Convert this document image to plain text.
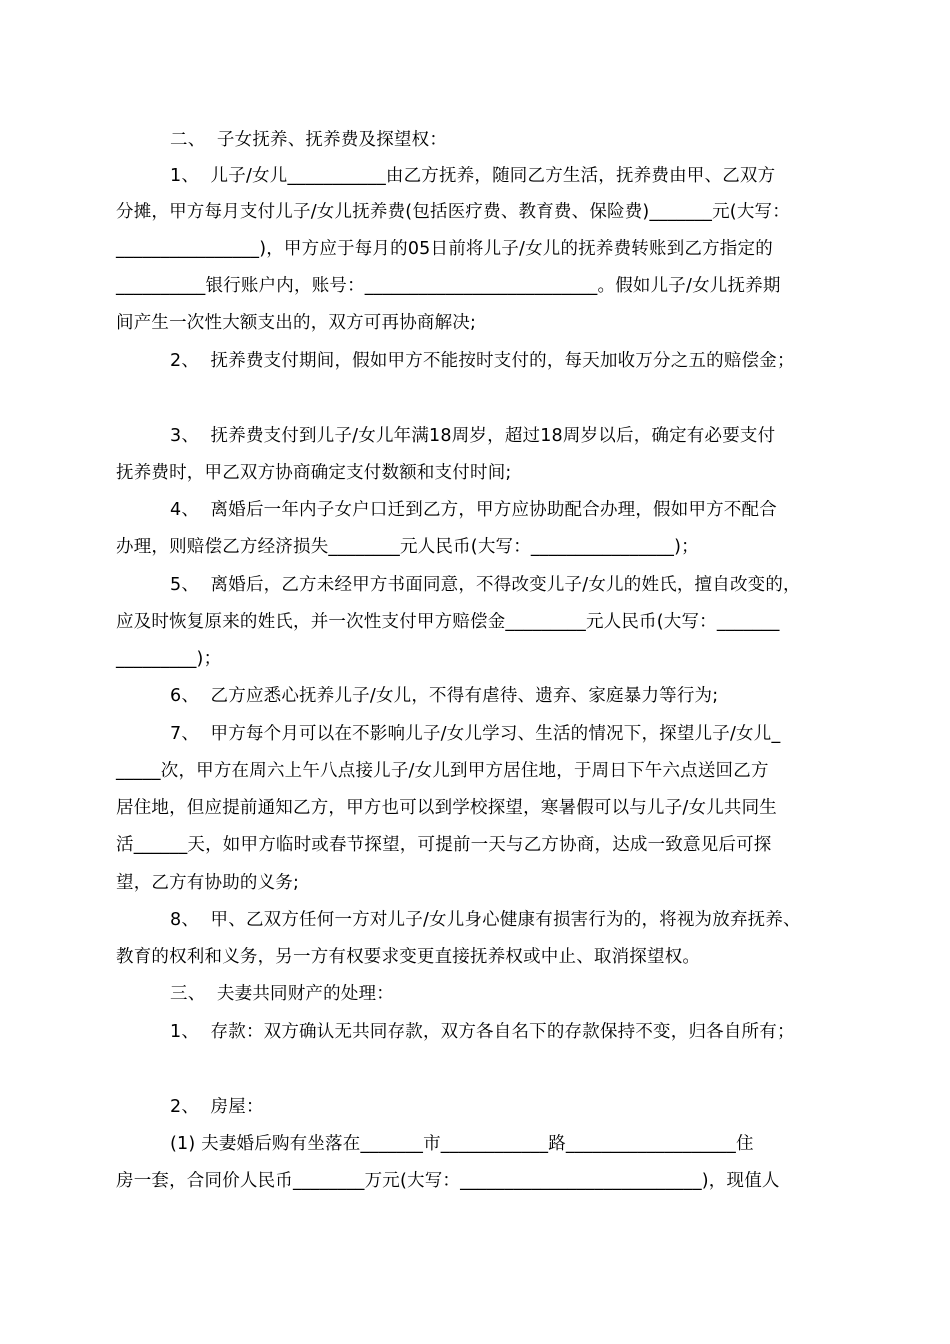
二、  子女抚养、抚养费及探望权：
1、  儿子/女儿___________由乙方抚养，随同乙方生活，抚养费由甲、乙双方
分摊，甲方每月支付儿子/女儿抚养费(包括医疗费、教育费、保险费)_______元(大写：
________________)，甲方应于每月的05日前将儿子/女儿的抚养费转账到乙方指定的
__________银行账户内，账号：__________________________。假如儿子/女儿抚养期
间产生一次性大额支出的，双方可再协商解决;
2、  抚养费支付期间，假如甲方不能按时支付的，每天加收万分之五的赔偿金；
3、  抚养费支付到儿子/女儿年满18周岁，超过18周岁以后，确定有必要支付
抚养费时，甲乙双方协商确定支付数额和支付时间;
4、  离婚后一年内子女户口迁到乙方，甲方应协助配合办理，假如甲方不配合
办理，则赔偿乙方经济损失________元人民币(大写：________________)；
5、  离婚后，乙方未经甲方书面同意，不得改变儿子/女儿的姓氏，擅自改变的，
应及时恢复原来的姓氏，并一次性支付甲方赔偿金_________元人民币(大写：_______
_________)；
6、  乙方应悉心抚养儿子/女儿，不得有虐待、遗弃、家庭暴力等行为;
7、  甲方每个月可以在不影响儿子/女儿学习、生活的情况下，探望儿子/女儿_
_____次，甲方在周六上午八点接儿子/女儿到甲方居住地，于周日下午六点送回乙方
居住地，但应提前通知乙方，甲方也可以到学校探望，寒暑假可以与儿子/女儿共同生
活______天，如甲方临时或春节探望，可提前一天与乙方协商，达成一致意见后可探
望，乙方有协助的义务;
8、  甲、乙双方任何一方对儿子/女儿身心健康有损害行为的，将视为放弃抚养、
教育的权利和义务，另一方有权要求变更直接抚养权或中止、取消探望权。
三、  夫妻共同财产的处理：
1、  存款：双方确认无共同存款，双方各自名下的存款保持不变，归各自所有；
2、  房屋：
(1) 夫妻婚后购有坐落在_______市____________路___________________住
房一套，合同价人民币________万元(大写：___________________________)，现值人
